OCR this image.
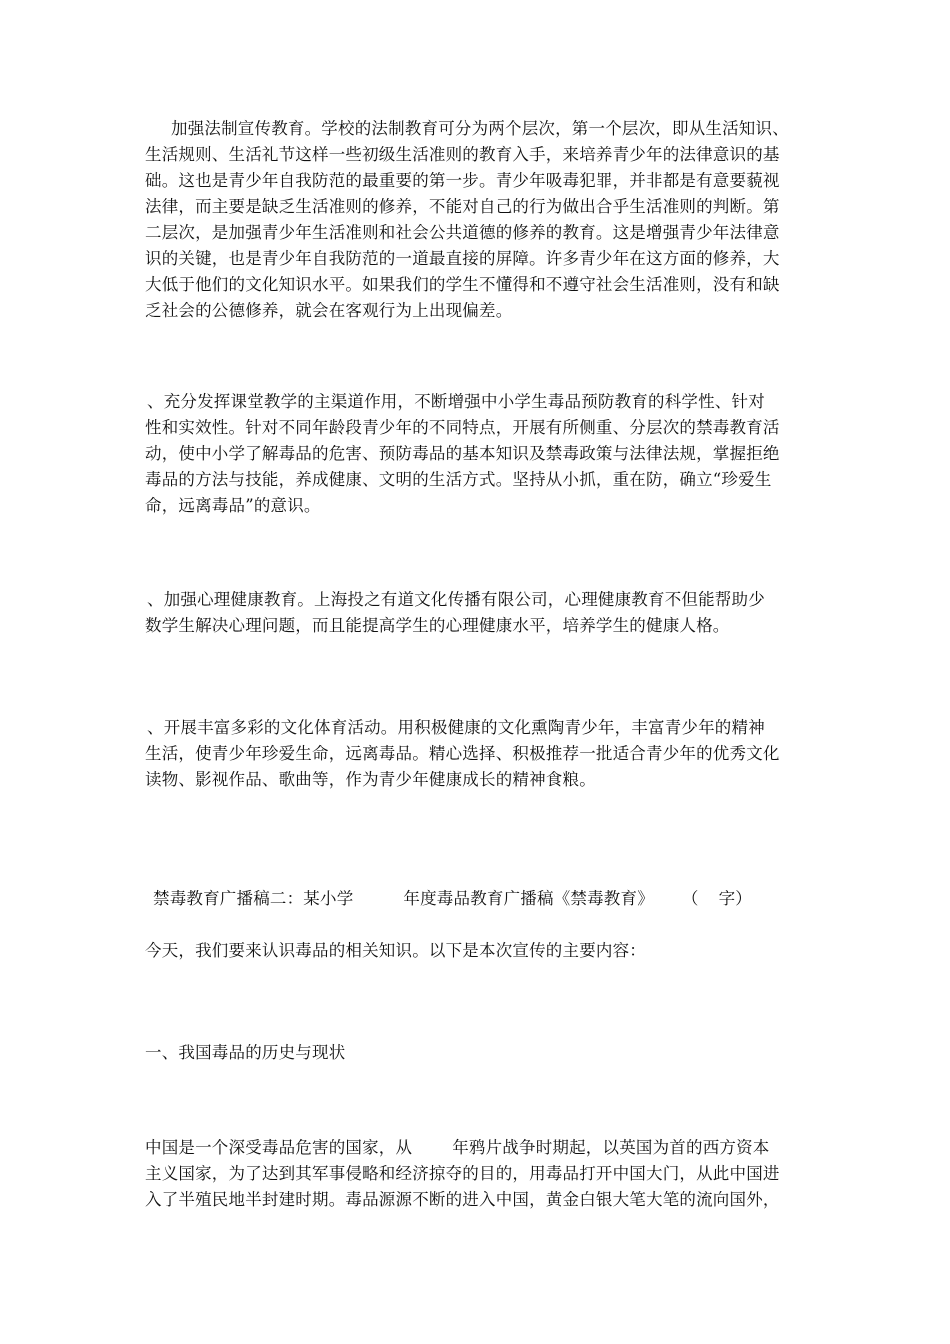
加强法制宣传教育。学校的法制教育可分为两个层次，第一个层次，即从生活知识、
生活规则、生活礼节这样一些初级生活准则的教育入手，来培养青少年的法律意识的基
础。这也是青少年自我防范的最重要的第一步。青少年吸毒犯罪，并非都是有意要藐视
法律，而主要是缺乏生活准则的修养，不能对自己的行为做出合乎生活准则的判断。第
二层次，是加强青少年生活准则和社会公共道德的修养的教育。这是增强青少年法律意
识的关键，也是青少年自我防范的一道最直接的屏障。许多青少年在这方面的修养，大
大低于他们的文化知识水平。如果我们的学生不懂得和不遵守社会生活准则，没有和缺
乏社会的公德修养，就会在客观行为上出现偏差。
、充分发挥课堂教学的主渠道作用，不断增强中小学生毒品预防教育的科学性、针对
性和实效性。针对不同年龄段青少年的不同特点，开展有所侧重、分层次的禁毒教育活
动，使中小学了解毒品的危害、预防毒品的基本知识及禁毒政策与法律法规，掌握拒绝
毒品的方法与技能，养成健康、文明的生活方式。坚持从小抓，重在防，确立“珍爱生
命，远离毒品”的意识。
、加强心理健康教育。上海投之有道文化传播有限公司，心理健康教育不但能帮助少
数学生解决心理问题，而且能提高学生的心理健康水平，培养学生的健康人格。
、开展丰富多彩的文化体育活动。用积极健康的文化熏陶青少年，丰富青少年的精神
生活，使青少年珍爱生命，远离毒品。精心选择、积极推荐一批适合青少年的优秀文化
读物、影视作品、歌曲等，作为青少年健康成长的精神食粮。
禁毒教育广播稿二：某小学	年度毒品教育广播稿《禁毒教育》 （ 字）
今天，我们要来认识毒品的相关知识。以下是本次宣传的主要内容：
一、我国毒品的历史与现状
中国是一个深受毒品危害的国家，从 年鸦片战争时期起，以英国为首的西方资本
主义国家，为了达到其军事侵略和经济掠夺的目的，用毒品打开中国大门，从此中国进
入了半殖民地半封建时期。毒品源源不断的进入中国，黄金白银大笔大笔的流向国外，
